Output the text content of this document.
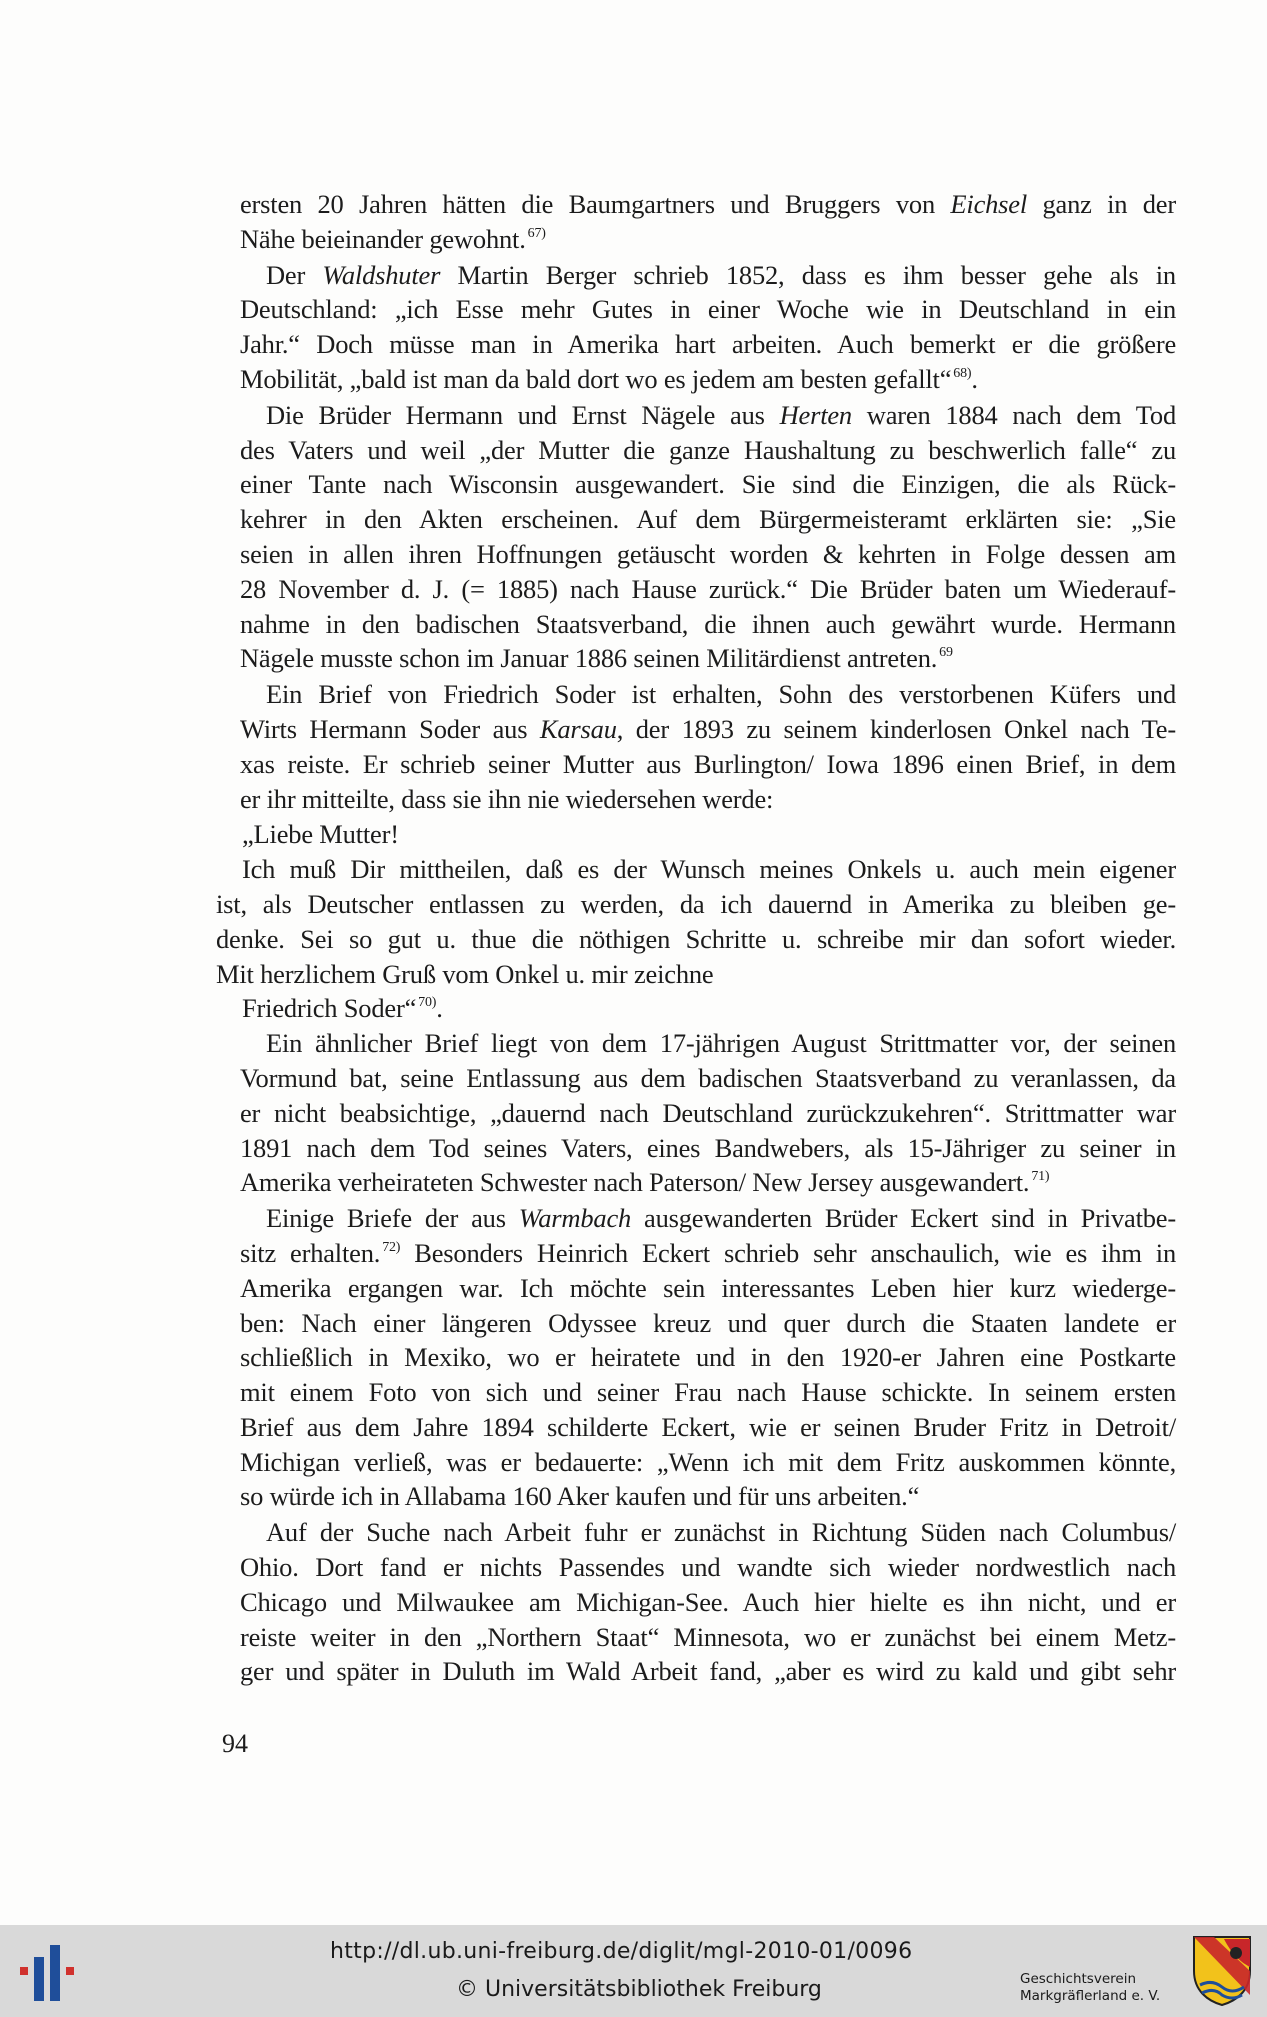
ersten 20 Jahren hätten die Baumgartners und Bruggers von Eichsel ganz in der
Nähe beieinander gewohnt. $^{67)}$
Der Waldshuter Martin Berger schrieb 1852, dass es ihm besser gehe als in
Deutschland: „ich Esse mehr Gutes in einer Woche wie in Deutschland in ein
Jahr.“ Doch müsse man in Amerika hart arbeiten. Auch bemerkt er die größere
Mobilität, „bald ist man da bald dort wo es jedem am besten gefallt“ $^{68)}$.
Die Brüder Hermann und Ernst Nägele aus Herten waren 1884 nach dem Tod
des Vaters und weil „der Mutter die ganze Haushaltung zu beschwerlich falle“ zu
einer Tante nach Wisconsin ausgewandert. Sie sind die Einzigen, die als Rück-
kehrer in den Akten erscheinen. Auf dem Bürgermeisteramt erklärten sie: „Sie
seien in allen ihren Hoffnungen getäuscht worden & kehrten in Folge dessen am
28 November d. J. (= 1885) nach Hause zurück.“ Die Brüder baten um Wiederauf-
nahme in den badischen Staatsverband, die ihnen auch gewährt wurde. Hermann
Nägele musste schon im Januar 1886 seinen Militärdienst antreten. $^{69}$
Ein Brief von Friedrich Soder ist erhalten, Sohn des verstorbenen Küfers und
Wirts Hermann Soder aus Karsau, der 1893 zu seinem kinderlosen Onkel nach Te-
xas reiste. Er schrieb seiner Mutter aus Burlington/ Iowa 1896 einen Brief, in dem
er ihr mitteilte, dass sie ihn nie wiedersehen werde:
„Liebe Mutter!
Ich muß Dir mittheilen, daß es der Wunsch meines Onkels u. auch mein eigener
ist, als Deutscher entlassen zu werden, da ich dauernd in Amerika zu bleiben ge-
denke. Sei so gut u. thue die nöthigen Schritte u. schreibe mir dan sofort wieder.
Mit herzlichem Gruß vom Onkel u. mir zeichne
Friedrich Soder“ $^{70)}$.
Ein ähnlicher Brief liegt von dem 17-jährigen August Strittmatter vor, der seinen
Vormund bat, seine Entlassung aus dem badischen Staatsverband zu veranlassen, da
er nicht beabsichtige, „dauernd nach Deutschland zurückzukehren“. Strittmatter war
1891 nach dem Tod seines Vaters, eines Bandwebers, als 15-Jähriger zu seiner in
Amerika verheirateten Schwester nach Paterson/ New Jersey ausgewandert. $^{71)}$
Einige Briefe der aus Warmbach ausgewanderten Brüder Eckert sind in Privatbe-
sitz erhalten. $^{72)}$ Besonders Heinrich Eckert schrieb sehr anschaulich, wie es ihm in
Amerika ergangen war. Ich möchte sein interessantes Leben hier kurz wiederge-
ben: Nach einer längeren Odyssee kreuz und quer durch die Staaten landete er
schließlich in Mexiko, wo er heiratete und in den 1920-er Jahren eine Postkarte
mit einem Foto von sich und seiner Frau nach Hause schickte. In seinem ersten
Brief aus dem Jahre 1894 schilderte Eckert, wie er seinen Bruder Fritz in Detroit/
Michigan verließ, was er bedauerte: „Wenn ich mit dem Fritz auskommen könnte,
so würde ich in Allabama 160 Aker kaufen und für uns arbeiten.“
Auf der Suche nach Arbeit fuhr er zunächst in Richtung Süden nach Columbus/
Ohio. Dort fand er nichts Passendes und wandte sich wieder nordwestlich nach
Chicago und Milwaukee am Michigan-See. Auch hier hielte es ihn nicht, und er
reiste weiter in den „Northern Staat“ Minnesota, wo er zunächst bei einem Metz-
ger und später in Duluth im Wald Arbeit fand, „aber es wird zu kald und gibt sehr
94
http://dl.ub.uni-freiburg.de/diglit/mgl-2010-01/0096
© Universitätsbibliothek Freiburg	Geschichtsverein
Markgräflerland e. V.
